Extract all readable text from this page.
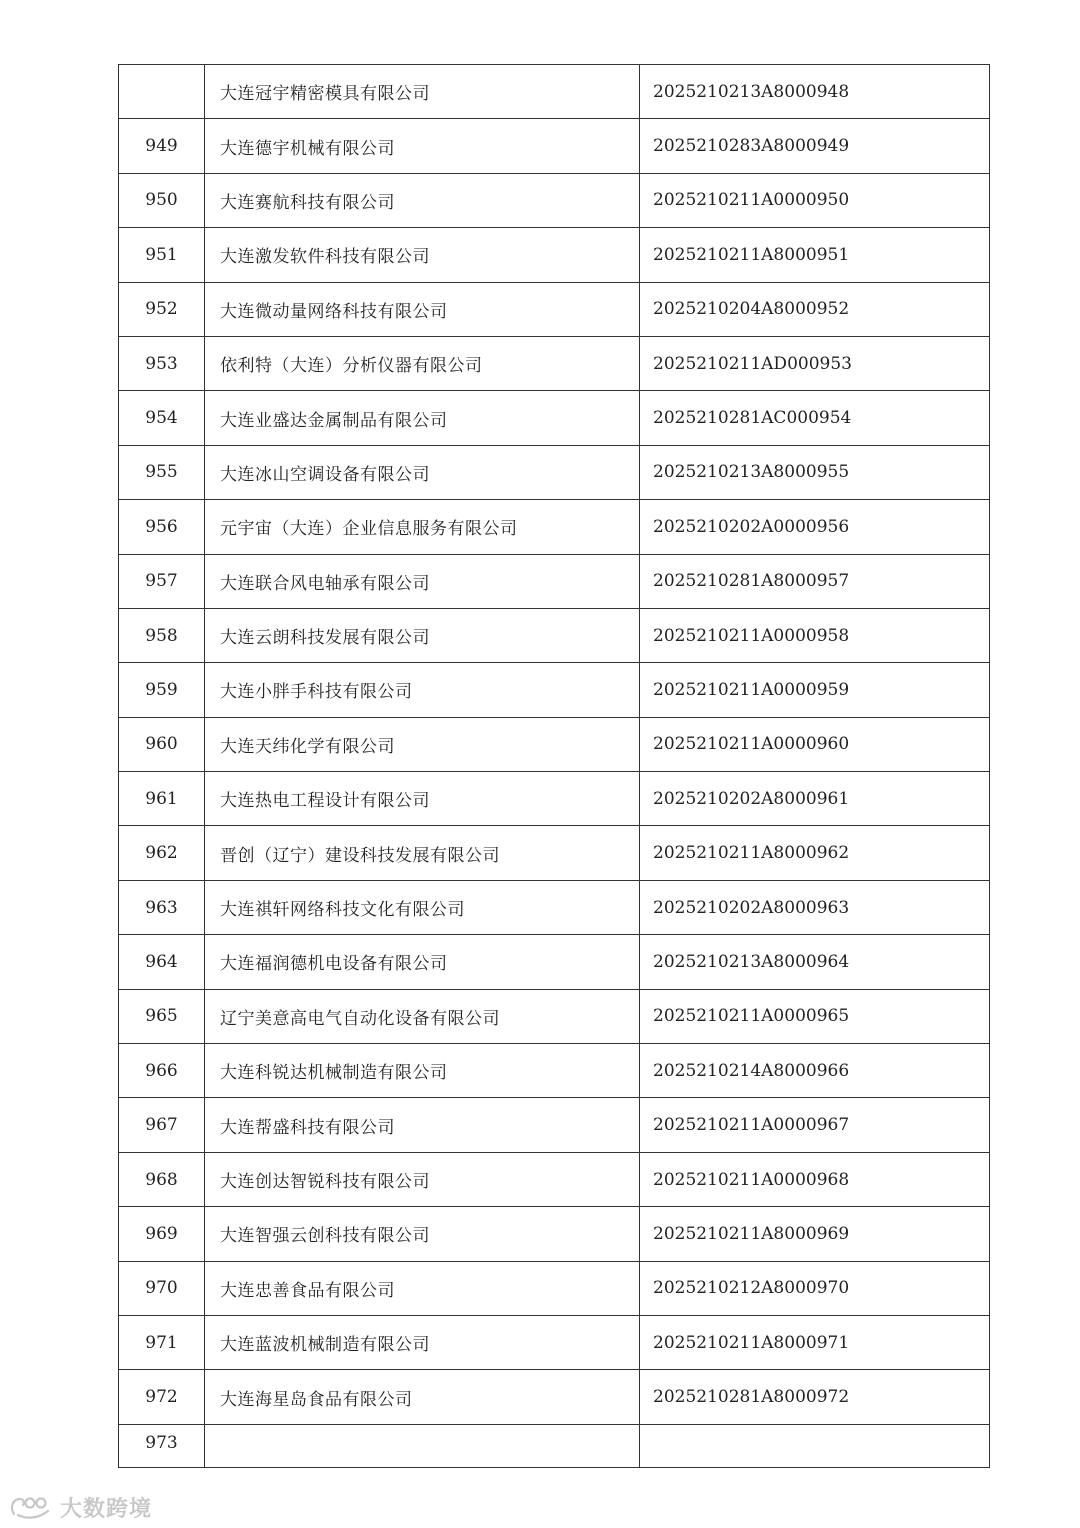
	大连冠宇精密模具有限公司	2025210213A8000948
949	大连德宇机械有限公司	2025210283A8000949
950	大连赛航科技有限公司	2025210211A0000950
951	大连激发软件科技有限公司	2025210211A8000951
952	大连微动量网络科技有限公司	2025210204A8000952
953	依利特（大连）分析仪器有限公司	2025210211AD000953
954	大连业盛达金属制品有限公司	2025210281AC000954
955	大连冰山空调设备有限公司	2025210213A8000955
956	元宇宙（大连）企业信息服务有限公司	2025210202A0000956
957	大连联合风电轴承有限公司	2025210281A8000957
958	大连云朗科技发展有限公司	2025210211A0000958
959	大连小胖手科技有限公司	2025210211A0000959
960	大连天纬化学有限公司	2025210211A0000960
961	大连热电工程设计有限公司	2025210202A8000961
962	晋创（辽宁）建设科技发展有限公司	2025210211A8000962
963	大连祺轩网络科技文化有限公司	2025210202A8000963
964	大连福润德机电设备有限公司	2025210213A8000964
965	辽宁美意高电气自动化设备有限公司	2025210211A0000965
966	大连科锐达机械制造有限公司	2025210214A8000966
967	大连帮盛科技有限公司	2025210211A0000967
968	大连创达智锐科技有限公司	2025210211A0000968
969	大连智强云创科技有限公司	2025210211A8000969
970	大连忠善食品有限公司	2025210212A8000970
971	大连蓝波机械制造有限公司	2025210211A8000971
972	大连海星岛食品有限公司	2025210281A8000972
973		
大数跨境
